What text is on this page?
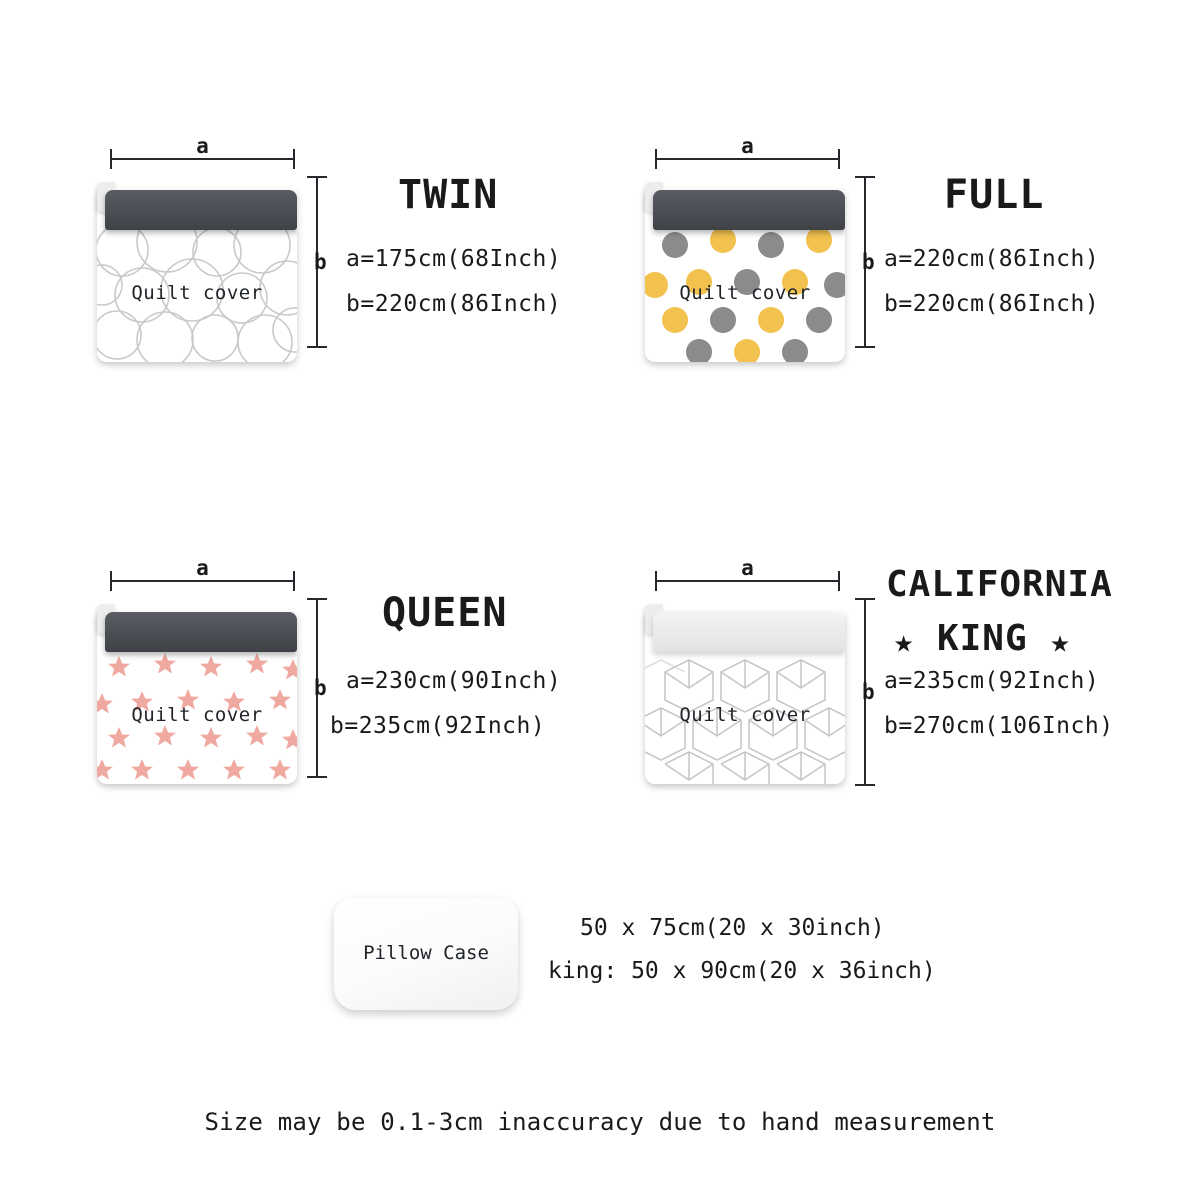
a
Quilt cover
b
TWIN
a=175cm(68Inch)
b=220cm(86Inch)
a
Quilt cover
b
FULL
a=220cm(86Inch)
b=220cm(86Inch)
a
Quilt cover
b
QUEEN
a=230cm(90Inch)
b=235cm(92Inch)
a
Quilt cover
b
CALIFORNIA
★ KING ★
a=235cm(92Inch)
b=270cm(106Inch)
Pillow Case
50 x 75cm(20 x 30inch)
king: 50 x 90cm(20 x 36inch)
Size may be 0.1-3cm inaccuracy due to hand measurement
